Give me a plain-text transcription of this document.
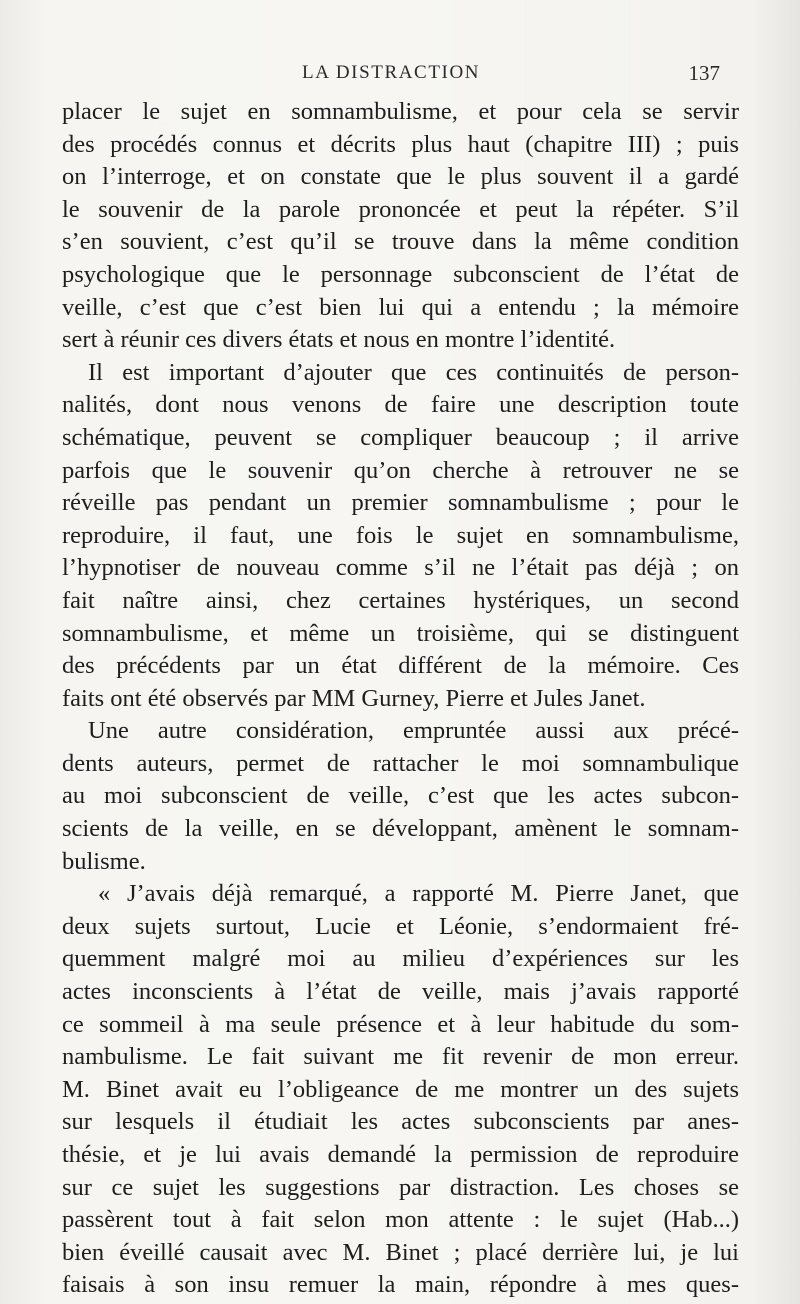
LA DISTRACTION	137
placer le sujet en somnambulisme, et pour cela se servir
des procédés connus et décrits plus haut (chapitre III) ; puis
on l’interroge, et on constate que le plus souvent il a gardé
le souvenir de la parole prononcée et peut la répéter. S’il
s’en souvient, c’est qu’il se trouve dans la même condition
psychologique que le personnage subconscient de l’état de
veille, c’est que c’est bien lui qui a entendu ; la mémoire
sert à réunir ces divers états et nous en montre l’identité.
Il est important d’ajouter que ces continuités de person-
nalités, dont nous venons de faire une description toute
schématique, peuvent se compliquer beaucoup ; il arrive
parfois que le souvenir qu’on cherche à retrouver ne se
réveille pas pendant un premier somnambulisme ; pour le
reproduire, il faut, une fois le sujet en somnambulisme,
l’hypnotiser de nouveau comme s’il ne l’était pas déjà ; on
fait naître ainsi, chez certaines hystériques, un second
somnambulisme, et même un troisième, qui se distinguent
des précédents par un état différent de la mémoire. Ces
faits ont été observés par MM Gurney, Pierre et Jules Janet.
Une autre considération, empruntée aussi aux précé-
dents auteurs, permet de rattacher le moi somnambulique
au moi subconscient de veille, c’est que les actes subcon-
scients de la veille, en se développant, amènent le somnam-
bulisme.
« J’avais déjà remarqué, a rapporté M. Pierre Janet, que
deux sujets surtout, Lucie et Léonie, s’endormaient fré-
quemment malgré moi au milieu d’expériences sur les
actes inconscients à l’état de veille, mais j’avais rapporté
ce sommeil à ma seule présence et à leur habitude du som-
nambulisme. Le fait suivant me fit revenir de mon erreur.
M. Binet avait eu l’obligeance de me montrer un des sujets
sur lesquels il étudiait les actes subconscients par anes-
thésie, et je lui avais demandé la permission de reproduire
sur ce sujet les suggestions par distraction. Les choses se
passèrent tout à fait selon mon attente : le sujet (Hab...)
bien éveillé causait avec M. Binet ; placé derrière lui, je lui
faisais à son insu remuer la main, répondre à mes ques-
